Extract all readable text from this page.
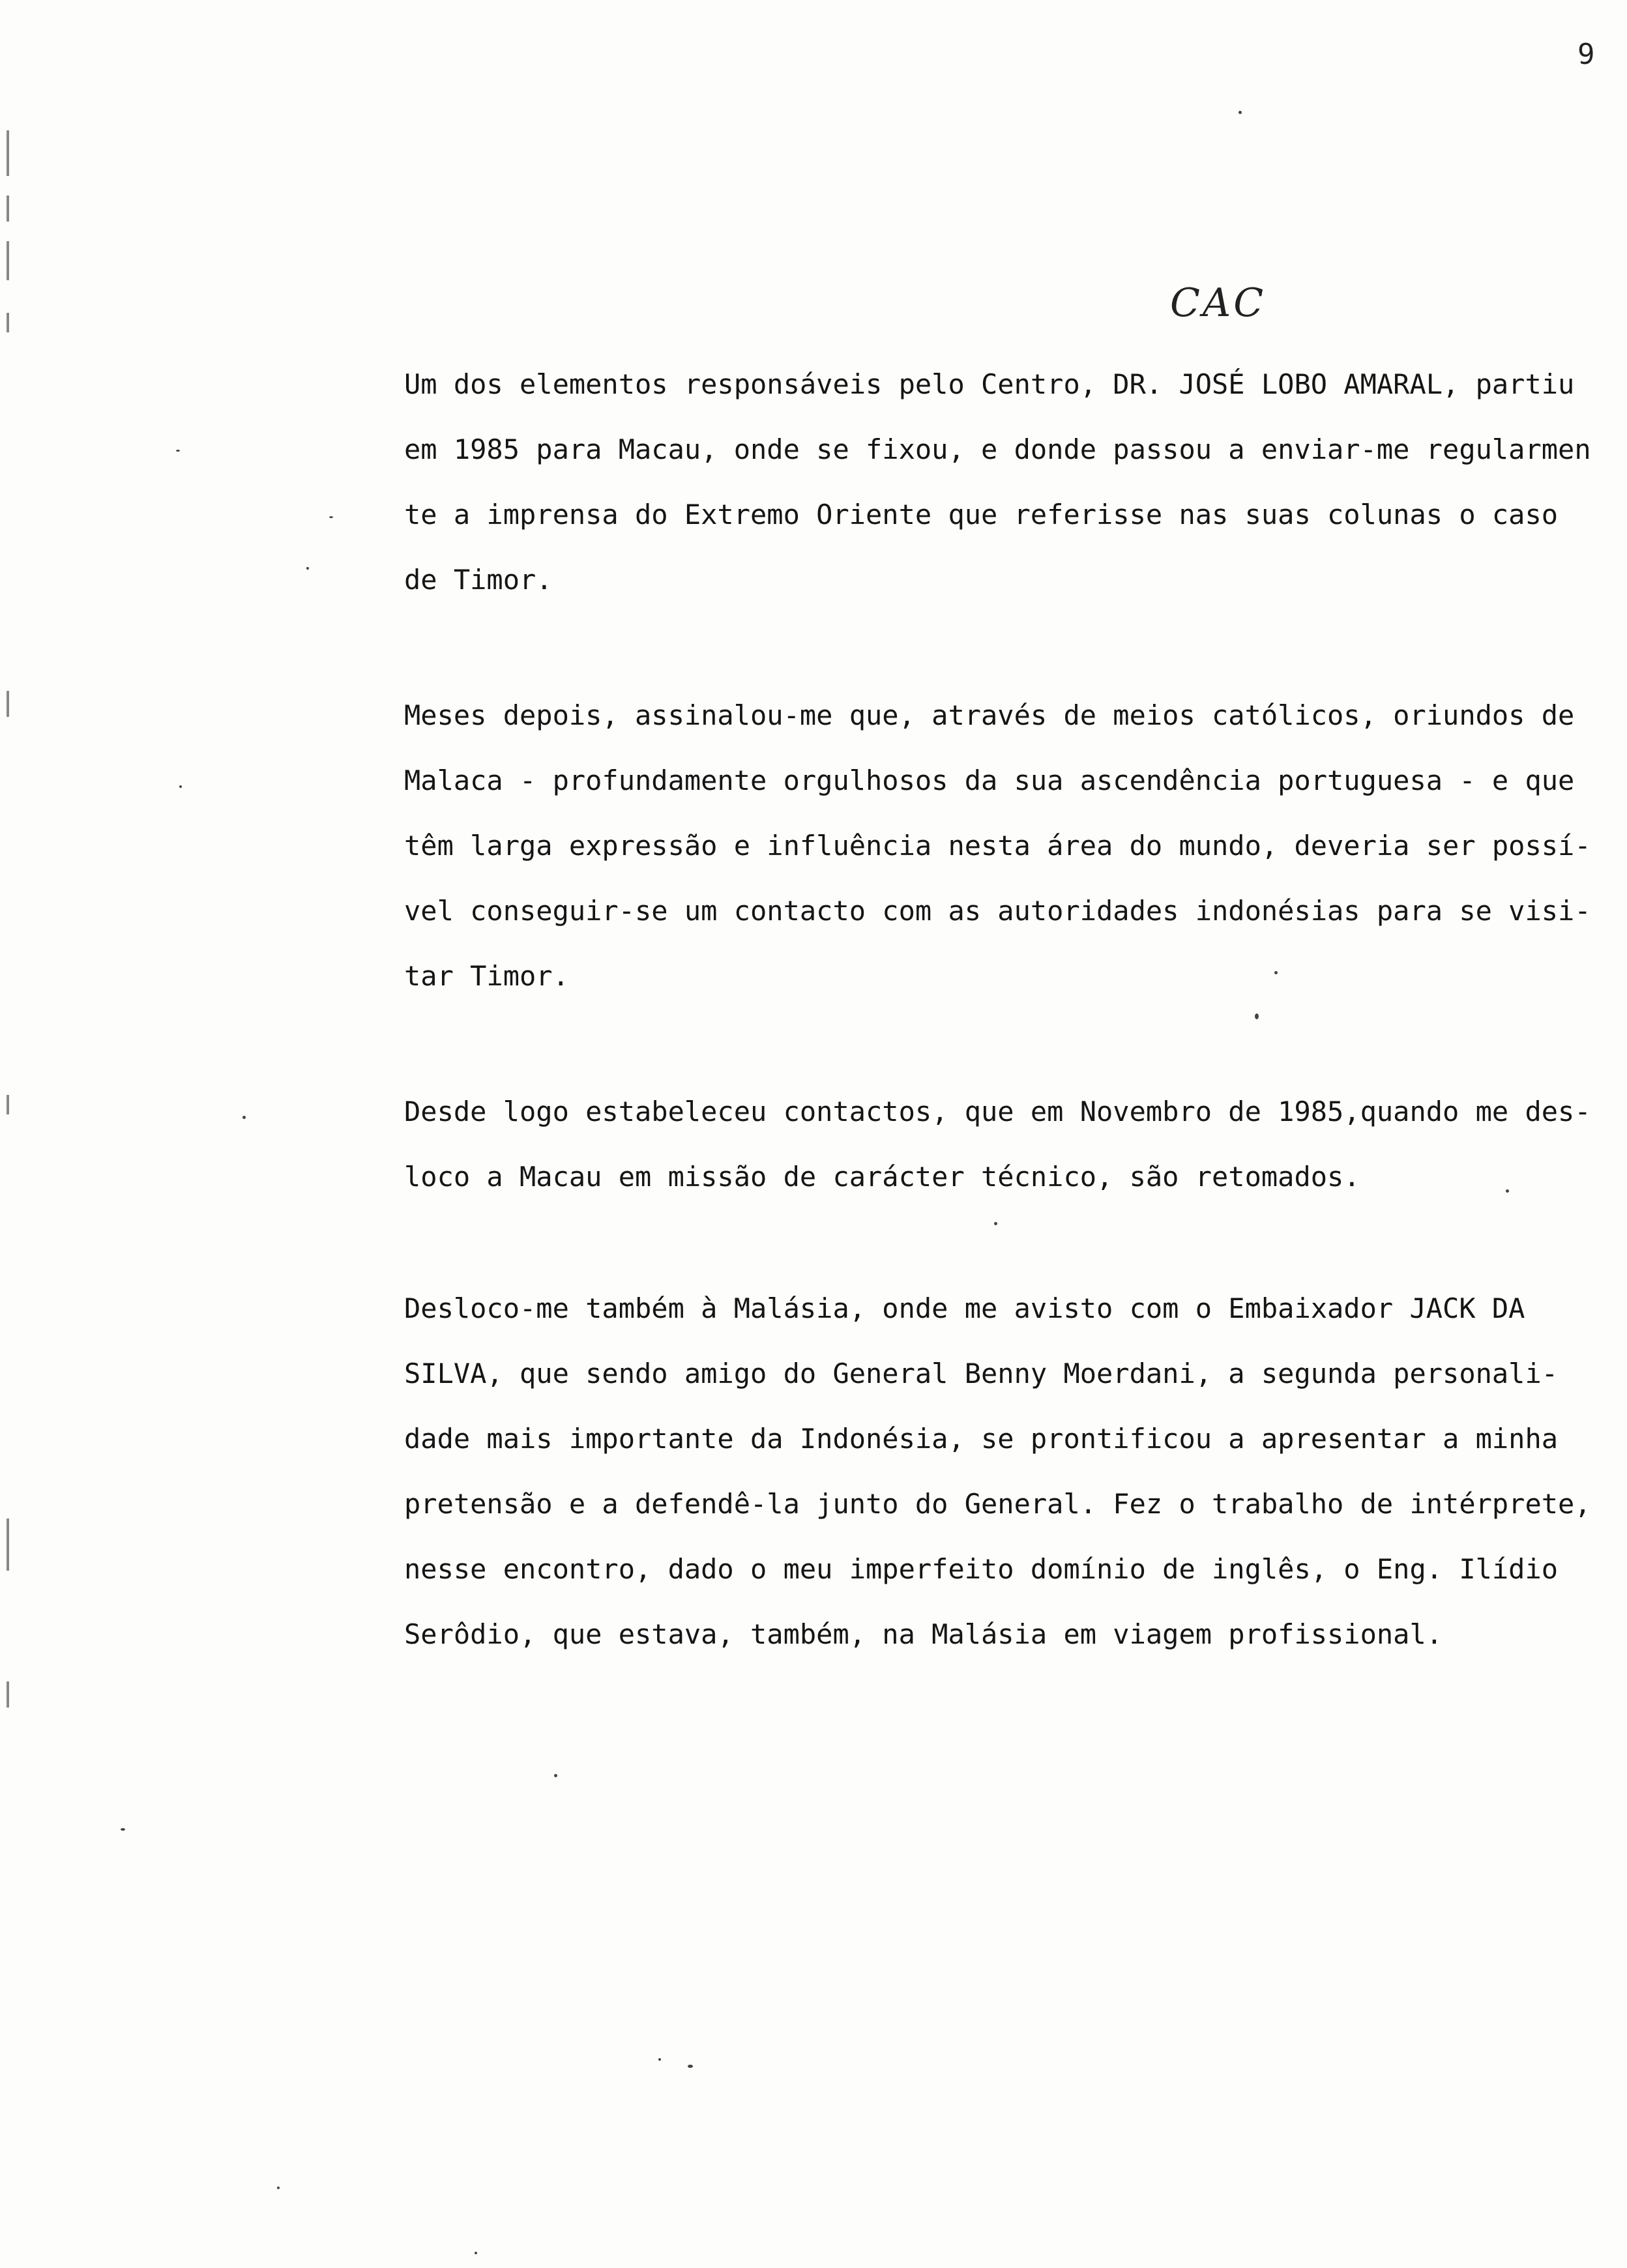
9
CAC
Um dos elementos responsáveis pelo Centro, DR. JOSÉ LOBO AMARAL, partiu
em 1985 para Macau, onde se fixou, e donde passou a enviar-me regularmen
te a imprensa do Extremo Oriente que referisse nas suas colunas o caso
de Timor.
Meses depois, assinalou-me que, através de meios católicos, oriundos de
Malaca - profundamente orgulhosos da sua ascendência portuguesa - e que
têm larga expressão e influência nesta área do mundo, deveria ser possí-
vel conseguir-se um contacto com as autoridades indonésias para se visi-
tar Timor.
Desde logo estabeleceu contactos, que em Novembro de 1985,quando me des-
loco a Macau em missão de carácter técnico, são retomados.
Desloco-me também à Malásia, onde me avisto com o Embaixador JACK DA
SILVA, que sendo amigo do General Benny Moerdani, a segunda personali-
dade mais importante da Indonésia, se prontificou a apresentar a minha
pretensão e a defendê-la junto do General. Fez o trabalho de intérprete,
nesse encontro, dado o meu imperfeito domínio de inglês, o Eng. Ilídio
Serôdio, que estava, também, na Malásia em viagem profissional.
